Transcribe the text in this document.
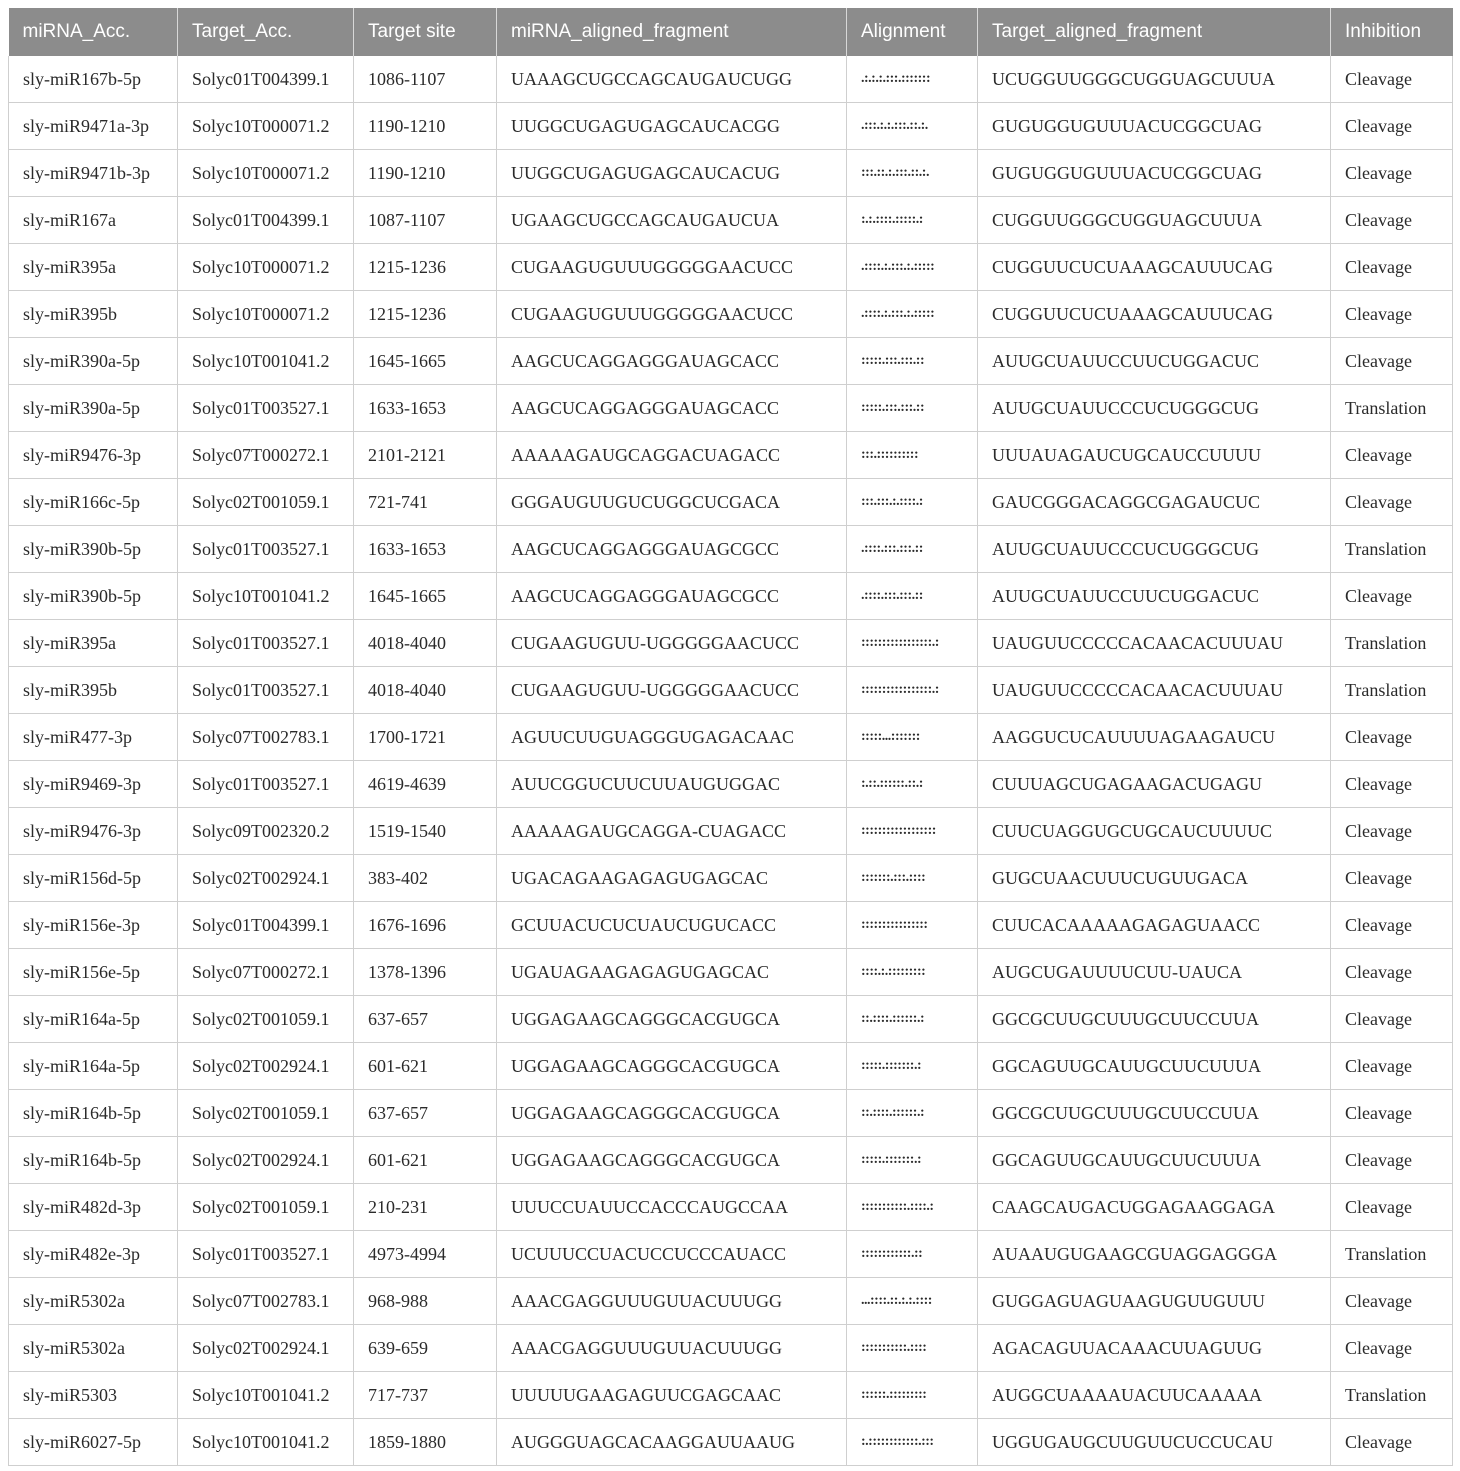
miRNA_Acc.	Target_Acc.	Target site	miRNA_aligned_fragment	Alignment	Target_aligned_fragment	Inhibition
sly-miR167b-5p	Solyc01T004399.1	1086-1107	UAAAGCUGCCAGCAUGAUCUGG	.:.:.:.:::.:::::::	UCUGGUUGGGCUGGUAGCUUUA	Cleavage
sly-miR9471a-3p	Solyc10T000071.2	1190-1210	UUGGCUGAGUGAGCAUCACGG	.:::.:.:.:::.::.:.	GUGUGGUGUUUACUCGGCUAG	Cleavage
sly-miR9471b-3p	Solyc10T000071.2	1190-1210	UUGGCUGAGUGAGCAUCACUG	:::.::.:.:::.::.:.	GUGUGGUGUUUACUCGGCUAG	Cleavage
sly-miR167a	Solyc01T004399.1	1087-1107	UGAAGCUGCCAGCAUGAUCUA	:.:.::::.:::::.:	CUGGUUGGGCUGGUAGCUUUA	Cleavage
sly-miR395a	Solyc10T000071.2	1215-1236	CUGAAGUGUUUGGGGGAACUCC	.::::.:.:::.:.:::::	CUGGUUCUCUAAAGCAUUUCAG	Cleavage
sly-miR395b	Solyc10T000071.2	1215-1236	CUGAAGUGUUUGGGGGAACUCC	.::::.:.:::.:.:::::	CUGGUUCUCUAAAGCAUUUCAG	Cleavage
sly-miR390a-5p	Solyc10T001041.2	1645-1665	AAGCUCAGGAGGGAUAGCACC	:::::.:::.:::.::	AUUGCUAUUCCUUCUGGACUC	Cleavage
sly-miR390a-5p	Solyc01T003527.1	1633-1653	AAGCUCAGGAGGGAUAGCACC	:::::.:::.:::.::	AUUGCUAUUCCCUCUGGGCUG	Translation
sly-miR9476-3p	Solyc07T000272.1	2101-2121	AAAAAGAUGCAGGACUAGACC	:::.::::::::::	UUUAUAGAUCUGCAUCCUUUU	Cleavage
sly-miR166c-5p	Solyc02T001059.1	721-741	GGGAUGUUGUCUGGCUCGACA	:::.:::.:.::::.:	GAUCGGGACAGGCGAGAUCUC	Cleavage
sly-miR390b-5p	Solyc01T003527.1	1633-1653	AAGCUCAGGAGGGAUAGCGCC	.::::.:::.:::.::	AUUGCUAUUCCCUCUGGGCUG	Translation
sly-miR390b-5p	Solyc10T001041.2	1645-1665	AAGCUCAGGAGGGAUAGCGCC	.::::.:::.:::.::	AUUGCUAUUCCUUCUGGACUC	Cleavage
sly-miR395a	Solyc01T003527.1	4018-4040	CUGAAGUGUU-UGGGGGAACUCC	:::::::::::::::::.:	UAUGUUCCCCCACAACACUUUAU	Translation
sly-miR395b	Solyc01T003527.1	4018-4040	CUGAAGUGUU-UGGGGGAACUCC	:::::::::::::::::.:	UAUGUUCCCCCACAACACUUUAU	Translation
sly-miR477-3p	Solyc07T002783.1	1700-1721	AGUUCUUGUAGGGUGAGACAAC	:::::...:::::::	AAGGUCUCAUUUUAGAAGAUCU	Cleavage
sly-miR9469-3p	Solyc01T003527.1	4619-4639	AUUCGGUCUUCUUAUGUGGAC	:.::.::::::.::.:	CUUUAGCUGAGAAGACUGAGU	Cleavage
sly-miR9476-3p	Solyc09T002320.2	1519-1540	AAAAAGAUGCAGGA-CUAGACC	::::::::::::::::::	CUUCUAGGUGCUGCAUCUUUUC	Cleavage
sly-miR156d-5p	Solyc02T002924.1	383-402	UGACAGAAGAGAGUGAGCAC	:::::::.:::.::::	GUGCUAACUUUCUGUUGACA	Cleavage
sly-miR156e-3p	Solyc01T004399.1	1676-1696	GCUUACUCUCUAUCUGUCACC	::::::::::::::::	CUUCACAAAAAGAGAGUAACC	Cleavage
sly-miR156e-5p	Solyc07T000272.1	1378-1396	UGAUAGAAGAGAGUGAGCAC	::::.:.:::::::::	AUGCUGAUUUUCUU-UAUCA	Cleavage
sly-miR164a-5p	Solyc02T001059.1	637-657	UGGAGAAGCAGGGCACGUGCA	::.::::.::::::.:	GGCGCUUGCUUUGCUUCCUUA	Cleavage
sly-miR164a-5p	Solyc02T002924.1	601-621	UGGAGAAGCAGGGCACGUGCA	:::::.:::::::.:	GGCAGUUGCAUUGCUUCUUUA	Cleavage
sly-miR164b-5p	Solyc02T001059.1	637-657	UGGAGAAGCAGGGCACGUGCA	::.::::.::::::.:	GGCGCUUGCUUUGCUUCCUUA	Cleavage
sly-miR164b-5p	Solyc02T002924.1	601-621	UGGAGAAGCAGGGCACGUGCA	:::::.:::::::.:	GGCAGUUGCAUUGCUUCUUUA	Cleavage
sly-miR482d-3p	Solyc02T001059.1	210-231	UUUCCUAUUCCACCCAUGCCAA	:::::::::::.::::.:	CAAGCAUGACUGGAGAAGGAGA	Cleavage
sly-miR482e-3p	Solyc01T003527.1	4973-4994	UCUUUCCUACUCCUCCCAUACC	::::::::::::.::	AUAAUGUGAAGCGUAGGAGGGA	Translation
sly-miR5302a	Solyc07T002783.1	968-988	AAACGAGGUUUGUUACUUUGG	...::::.::.:.:.::::	GUGGAGUAGUAAGUGUUGUUU	Cleavage
sly-miR5302a	Solyc02T002924.1	639-659	AAACGAGGUUUGUUACUUUGG	:::::::::::.::::	AGACAGUUACAAACUUAGUUG	Cleavage
sly-miR5303	Solyc10T001041.2	717-737	UUUUUGAAGAGUUCGAGCAAC	::::::.:::::::::	AUGGCUAAAAUACUUCAAAAA	Translation
sly-miR6027-5p	Solyc10T001041.2	1859-1880	AUGGGUAGCACAAGGAUUAAUG	:.::::::::::::.:::	UGGUGAUGCUUGUUCUCCUCAU	Cleavage
